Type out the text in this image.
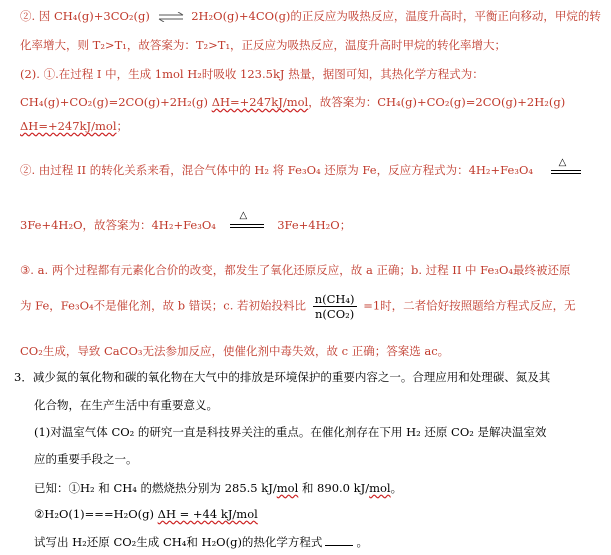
②. 因 CH₄(g)+3CO₂(g) ⇌ 2H₂O(g)+4CO(g)的正反应为吸热反应，温度升高时，平衡正向移动，甲烷的转
化率增大，则 T₂>T₁，故答案为：T₂>T₁，正反应为吸热反应，温度升高时甲烷的转化率增大；
(2). ①.在过程 I 中，生成 1mol H₂时吸收 123.5kJ 热量，据图可知，其热化学方程式为：
CH₄(g)+CO₂(g)=2CO(g)+2H₂(g) ΔH=+247kJ/mol，故答案为：CH₄(g)+CO₂(g)=2CO(g)+2H₂(g)
ΔH=+247kJ/mol；
②. 由过程 II 的转化关系来看，混合气体中的 H₂ 将 Fe₃O₄ 还原为 Fe，反应方程式为：4H₂+Fe₃O₄
△
3Fe+4H₂O，故答案为：4H₂+Fe₃O₄
△
3Fe+4H₂O；
③. a. 两个过程都有元素化合价的改变，都发生了氧化还原反应，故 a 正确；b. 过程 II 中 Fe₃O₄最终被还原
为 Fe，Fe₃O₄不是催化剂，故 b 错误；c. 若初始投料比 $\frac{\text{n(CH₄)}}{\text{n(CO₂)}} =1$时，二者恰好按照题给方程式反应，无
CO₂生成，导致 CaCO₃无法参加反应，使催化剂中毒失效，故 c 正确；答案选 ac。
3．减少氮的氧化物和碳的氧化物在大气中的排放是环境保护的重要内容之一。合理应用和处理碳、氮及其
化合物，在生产生活中有重要意义。
(1)对温室气体 CO₂ 的研究一直是科技界关注的重点。在催化剂存在下用 H₂ 还原 CO₂ 是解决温室效
应的重要手段之一。
已知：①H₂ 和 CH₄ 的燃烧热分别为 285.5 kJ/mol 和 890.0 kJ/mol。
②H₂O(1)===H₂O(g) ΔH = +44 kJ/mol
试写出 H₂还原 CO₂生成 CH₄和 H₂O(g)的热化学方程式	。
